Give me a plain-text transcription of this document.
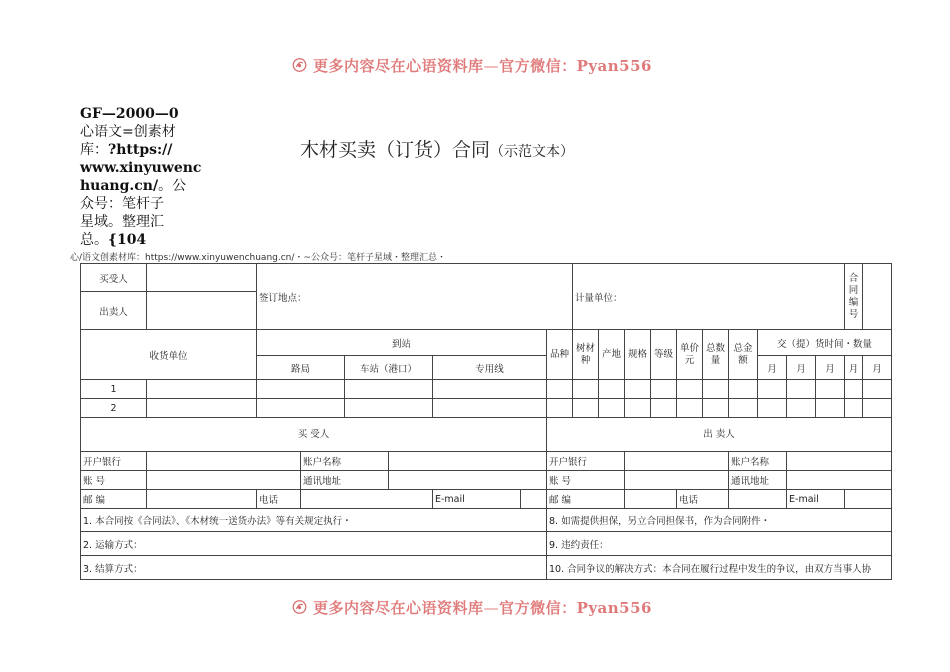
更多内容尽在心语资料库—官方微信：Pyan556
GF—2000—0
心语文=创素材
库：?https://
www.xinyuwenc
huang.cn/。公
众号：笔杆子
星域。整理汇
总。{104
木材买卖（订货）合同（示范文本）
心/语文创素材库：https://www.xinyuwenchuang.cn/・~公众号：笔杆子星域・整理汇总・
买受人		签订地点：							计量单位：										合同编号		
出卖人																					
收货单位		到站						品种	树材种	产地	规格	等级	单价元	总数量	总金额	交（提）货时间・数量					
		路局		车站（港口）		专用线										月	月	月	月	月	
1																					
2																					
买 受人								出 卖人													
开户银行			账户名称					开户银行							账户名称						
账 号			通讯地址					账 号							通讯地址						
邮 编		电话				E-mail		邮 编					电话				E-mail				
1. 本合同按《合同法》、《木材统一送货办法》等有关规定执行・								8. 如需提供担保，另立合同担保书，作为合同附件・													
2. 运输方式：								9. 违约责任：													
3. 结算方式：								10. 合同争议的解决方式：本合同在履行过程中发生的争议，由双方当事人协													
更多内容尽在心语资料库—官方微信：Pyan556
